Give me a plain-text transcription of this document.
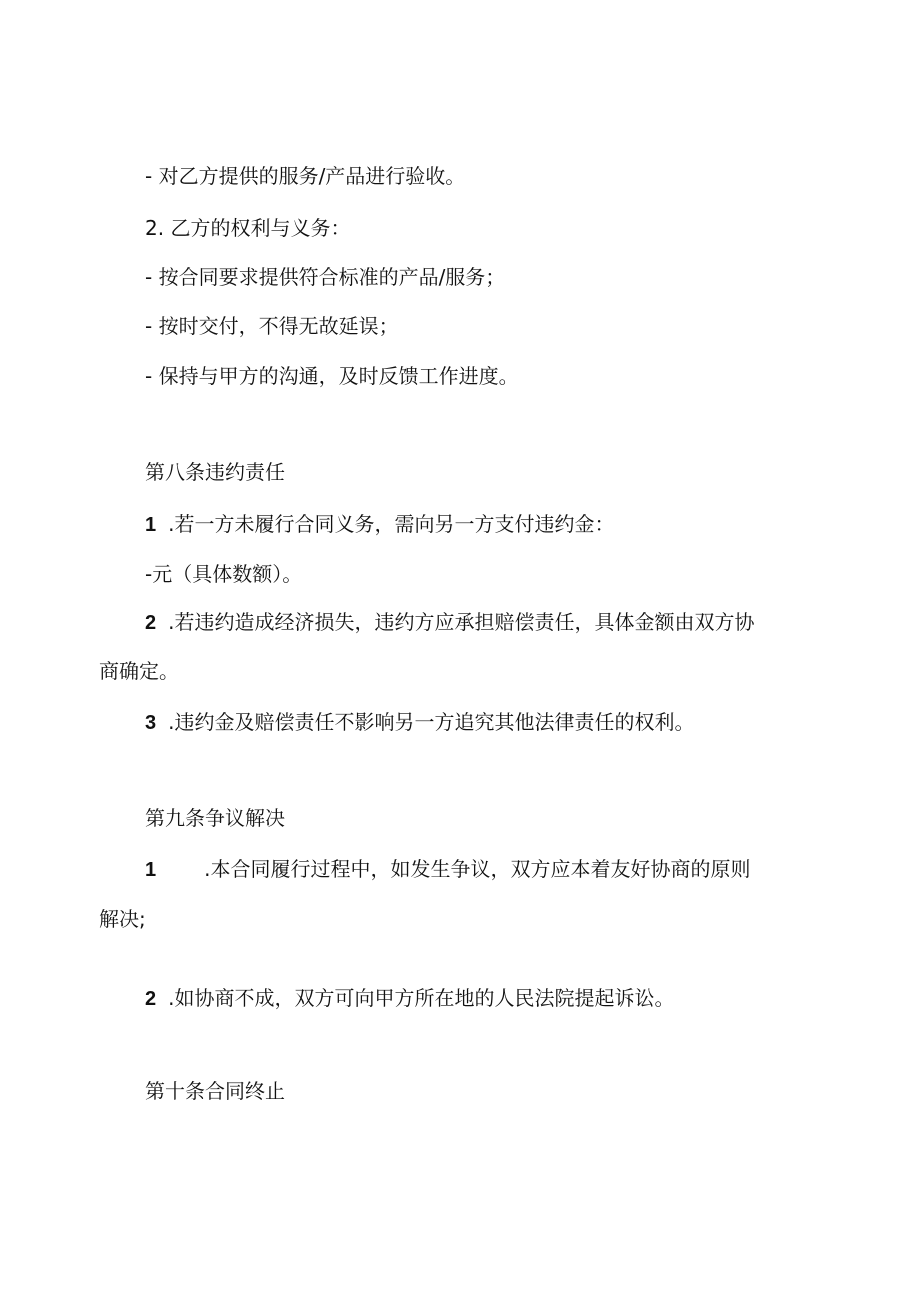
- 对乙方提供的服务/产品进行验收。
2. 乙方的权利与义务：
- 按合同要求提供符合标准的产品/服务；
- 按时交付，不得无故延误；
- 保持与甲方的沟通，及时反馈工作进度。
第八条违约责任
1 .若一方未履行合同义务，需向另一方支付违约金：
-元（具体数额）。
2 .若违约造成经济损失，违约方应承担赔偿责任，具体金额由双方协
商确定。
3 .违约金及赔偿责任不影响另一方追究其他法律责任的权利。
第九条争议解决
1 .本合同履行过程中，如发生争议，双方应本着友好协商的原则
解决;
2 .如协商不成，双方可向甲方所在地的人民法院提起诉讼。
第十条合同终止
